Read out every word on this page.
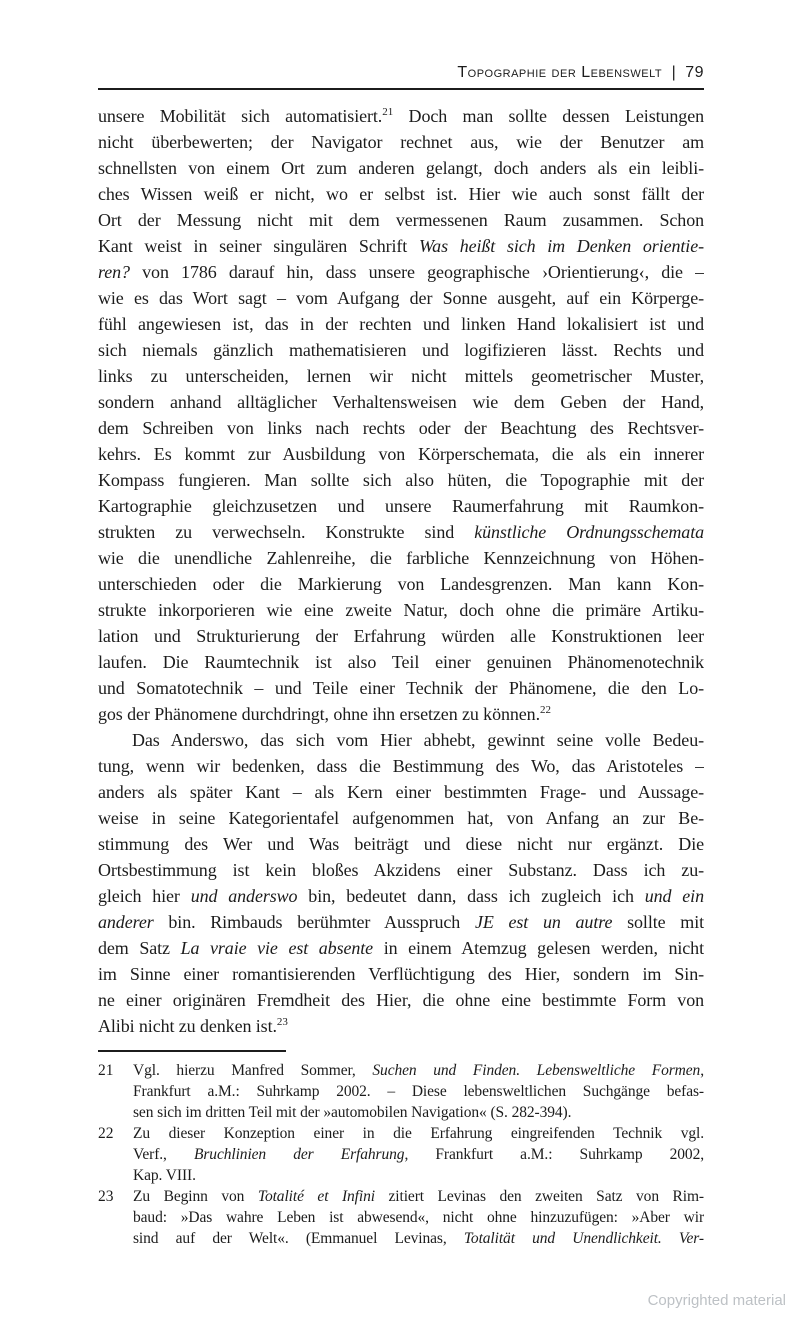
Topographie der Lebenswelt | 79
unsere Mobilität sich automatisiert.$^{21}$ Doch man sollte dessen Leistungen
nicht überbewerten; der Navigator rechnet aus, wie der Benutzer am
schnellsten von einem Ort zum anderen gelangt, doch anders als ein leibli-
ches Wissen weiß er nicht, wo er selbst ist. Hier wie auch sonst fällt der
Ort der Messung nicht mit dem vermessenen Raum zusammen. Schon
Kant weist in seiner singulären Schrift Was heißt sich im Denken orientie-
ren? von 1786 darauf hin, dass unsere geographische ›Orientierung‹, die –
wie es das Wort sagt – vom Aufgang der Sonne ausgeht, auf ein Körperge-
fühl angewiesen ist, das in der rechten und linken Hand lokalisiert ist und
sich niemals gänzlich mathematisieren und logifizieren lässt. Rechts und
links zu unterscheiden, lernen wir nicht mittels geometrischer Muster,
sondern anhand alltäglicher Verhaltensweisen wie dem Geben der Hand,
dem Schreiben von links nach rechts oder der Beachtung des Rechtsver-
kehrs. Es kommt zur Ausbildung von Körperschemata, die als ein innerer
Kompass fungieren. Man sollte sich also hüten, die Topographie mit der
Kartographie gleichzusetzen und unsere Raumerfahrung mit Raumkon-
strukten zu verwechseln. Konstrukte sind künstliche Ordnungsschemata
wie die unendliche Zahlenreihe, die farbliche Kennzeichnung von Höhen-
unterschieden oder die Markierung von Landesgrenzen. Man kann Kon-
strukte inkorporieren wie eine zweite Natur, doch ohne die primäre Artiku-
lation und Strukturierung der Erfahrung würden alle Konstruktionen leer
laufen. Die Raumtechnik ist also Teil einer genuinen Phänomenotechnik
und Somatotechnik – und Teile einer Technik der Phänomene, die den Lo-
gos der Phänomene durchdringt, ohne ihn ersetzen zu können.$^{22}$
Das Anderswo, das sich vom Hier abhebt, gewinnt seine volle Bedeu-
tung, wenn wir bedenken, dass die Bestimmung des Wo, das Aristoteles –
anders als später Kant – als Kern einer bestimmten Frage- und Aussage-
weise in seine Kategorientafel aufgenommen hat, von Anfang an zur Be-
stimmung des Wer und Was beiträgt und diese nicht nur ergänzt. Die
Ortsbestimmung ist kein bloßes Akzidens einer Substanz. Dass ich zu-
gleich hier und anderswo bin, bedeutet dann, dass ich zugleich ich und ein
anderer bin. Rimbauds berühmter Ausspruch JE est un autre sollte mit
dem Satz La vraie vie est absente in einem Atemzug gelesen werden, nicht
im Sinne einer romantisierenden Verflüchtigung des Hier, sondern im Sin-
ne einer originären Fremdheit des Hier, die ohne eine bestimmte Form von
Alibi nicht zu denken ist.$^{23}$
21 Vgl. hierzu Manfred Sommer, Suchen und Finden. Lebensweltliche Formen,
Frankfurt a.M.: Suhrkamp 2002. – Diese lebensweltlichen Suchgänge befas-
sen sich im dritten Teil mit der »automobilen Navigation« (S. 282-394).
22 Zu dieser Konzeption einer in die Erfahrung eingreifenden Technik vgl.
Verf., Bruchlinien der Erfahrung, Frankfurt a.M.: Suhrkamp 2002,
Kap. VIII.
23 Zu Beginn von Totalité et Infini zitiert Levinas den zweiten Satz von Rim-
baud: »Das wahre Leben ist abwesend«, nicht ohne hinzuzufügen: »Aber wir
sind auf der Welt«. (Emmanuel Levinas, Totalität und Unendlichkeit. Ver-
Copyrighted material
